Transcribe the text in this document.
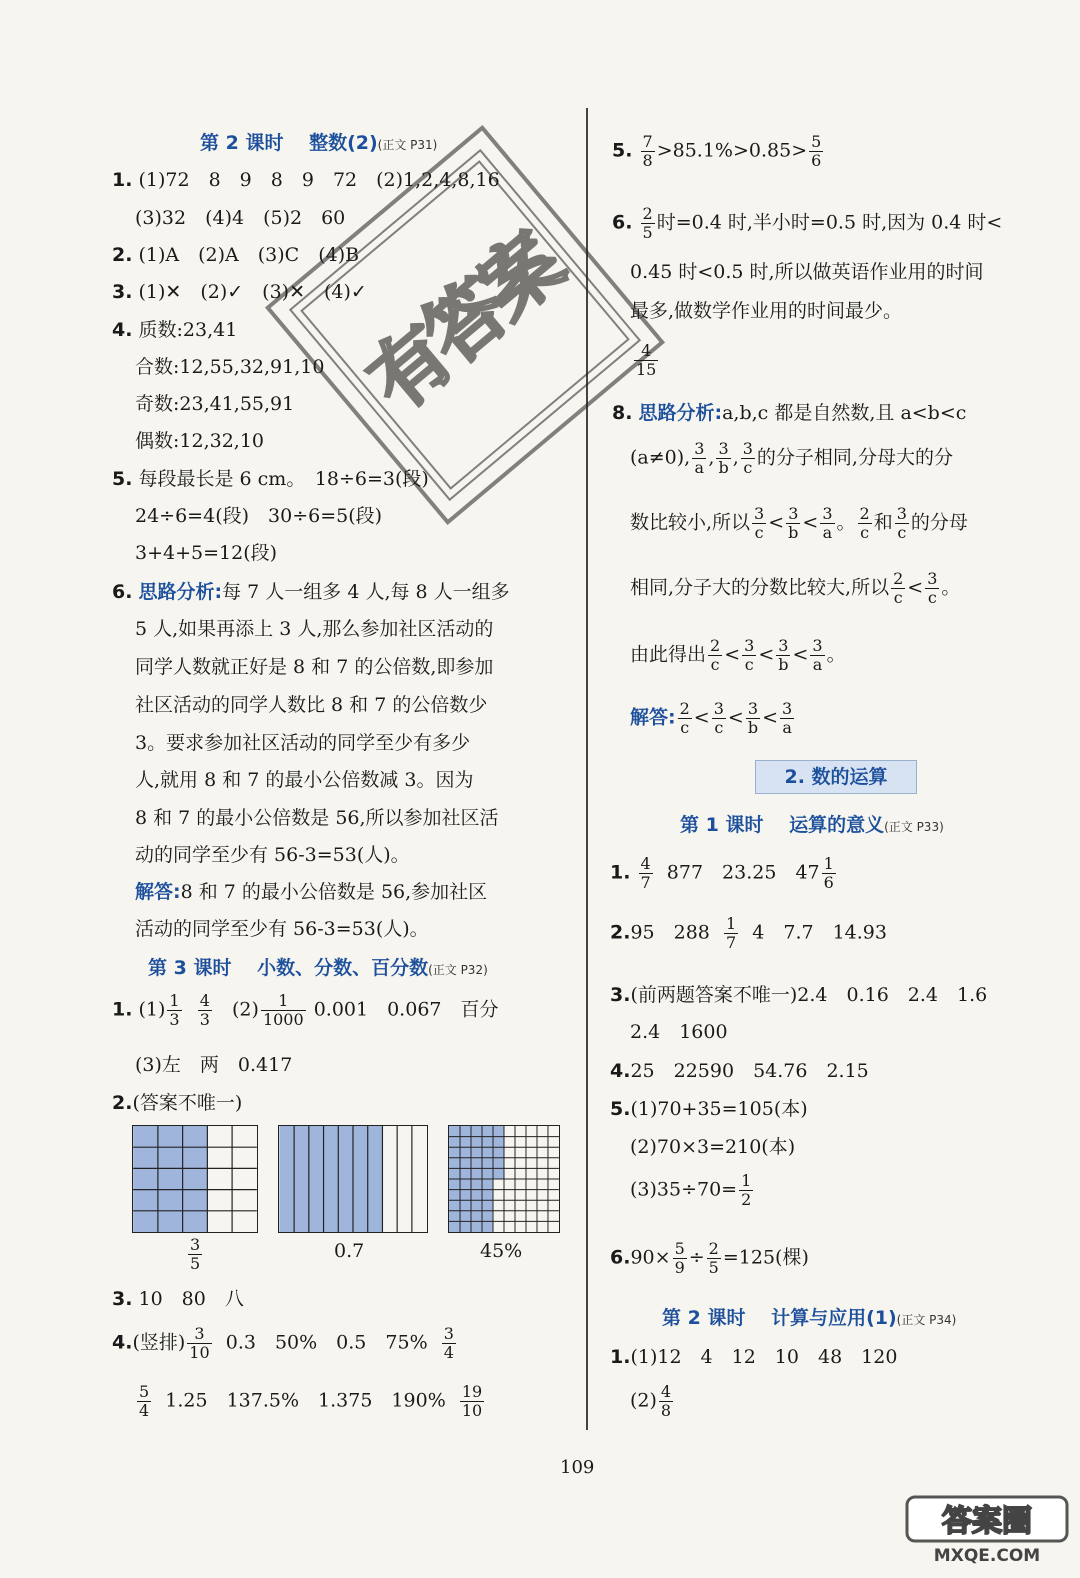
第 2 课时　 整数(2)(正文 P31)
1. (1)72　8　9　8　9　72　(2)1,2,4,8,16
(3)32　(4)4　(5)2　60
2. (1)A　(2)A　(3)C　(4)B
3. (1)✕　(2)✓　(3)✕　(4)✓
4. 质数:23,41
合数:12,55,32,91,10
奇数:23,41,55,91
偶数:12,32,10
5. 每段最长是 6 cm。　18÷6=3(段)
24÷6=4(段)　30÷6=5(段)
3+4+5=12(段)
6. 思路分析:每 7 人一组多 4 人,每 8 人一组多
5 人,如果再添上 3 人,那么参加社区活动的
同学人数就正好是 8 和 7 的公倍数,即参加
社区活动的同学人数比 8 和 7 的公倍数少
3。要求参加社区活动的同学至少有多少
人,就用 8 和 7 的最小公倍数减 3。因为
8 和 7 的最小公倍数是 56,所以参加社区活
动的同学至少有 56-3=53(人)。
解答:8 和 7 的最小公倍数是 56,参加社区
活动的同学至少有 56-3=53(人)。
第 3 课时　 小数、分数、百分数(正文 P32)
1. $(1) \frac{1}{3}$
$\frac{4}{3} (2) \frac{1}{1000} 0.001$　0.067　百分
(3)左　两　0.417
2.(答案不唯一)
$\frac{3}{5}$	0.7	45%
3. 10　80　八
4.(竖排) $\frac{3}{10} 0.3$　50%　0.5　$75\% \frac{3}{4}$
$\frac{5}{4} 1.25$　137.5%　1.375　$190\% \frac{19}{10}$
5. $\frac{7}{8} >85.1\%>0.85> \frac{5}{6}$
6. $\frac{2}{5}$ 时=0.4 时,半小时=0.5 时,因为 0.4 时<
0.45 时<0.5 时,所以做英语作业用的时间
最多,做数学作业用的时间最少。
$\frac{4}{15}$
8. 思路分析:a,b,c 都是自然数,且 a<b<c
(a≠0), $\frac{3}{a}$ , $\frac{3}{b}$ , $\frac{3}{c}$ 的分子相同,分母大的分
数比较小,所以 $\frac{3}{c} < \frac{3}{b} < \frac{3}{a}$ 。 $\frac{2}{c}$ 和 $\frac{3}{c}$ 的分母
相同,分子大的分数比较大,所以 $\frac{2}{c} < \frac{3}{c}$ 。
由此得出 $\frac{2}{c} < \frac{3}{c} < \frac{3}{b} < \frac{3}{a}$ 。
解答: $\frac{2}{c} < \frac{3}{c} < \frac{3}{b} < \frac{3}{a}$
2. 数的运算
第 1 课时　 运算的意义(正文 P33)
1. $\frac{4}{7} 877$　23.25　$47 \frac{1}{6}$
2.95　$288 \frac{1}{7} 4$　7.7　14.93
3.(前两题答案不唯一)2.4　0.16　2.4　1.6
2.4　1600
4.25　22590　54.76　2.15
5.(1)70+35=105(本)
(2)70×3=210(本)
$(3)35\div 70= \frac{1}{2}$
$6.90\times \frac{5}{9} \div \frac{2}{5} =125$(棵)
第 2 课时　 计算与应用(1)(正文 P34)
1.(1)12　4　12　10　48　120
$(2) \frac{4}{8}$
109
有答案
答案圈
MXQE.COM
